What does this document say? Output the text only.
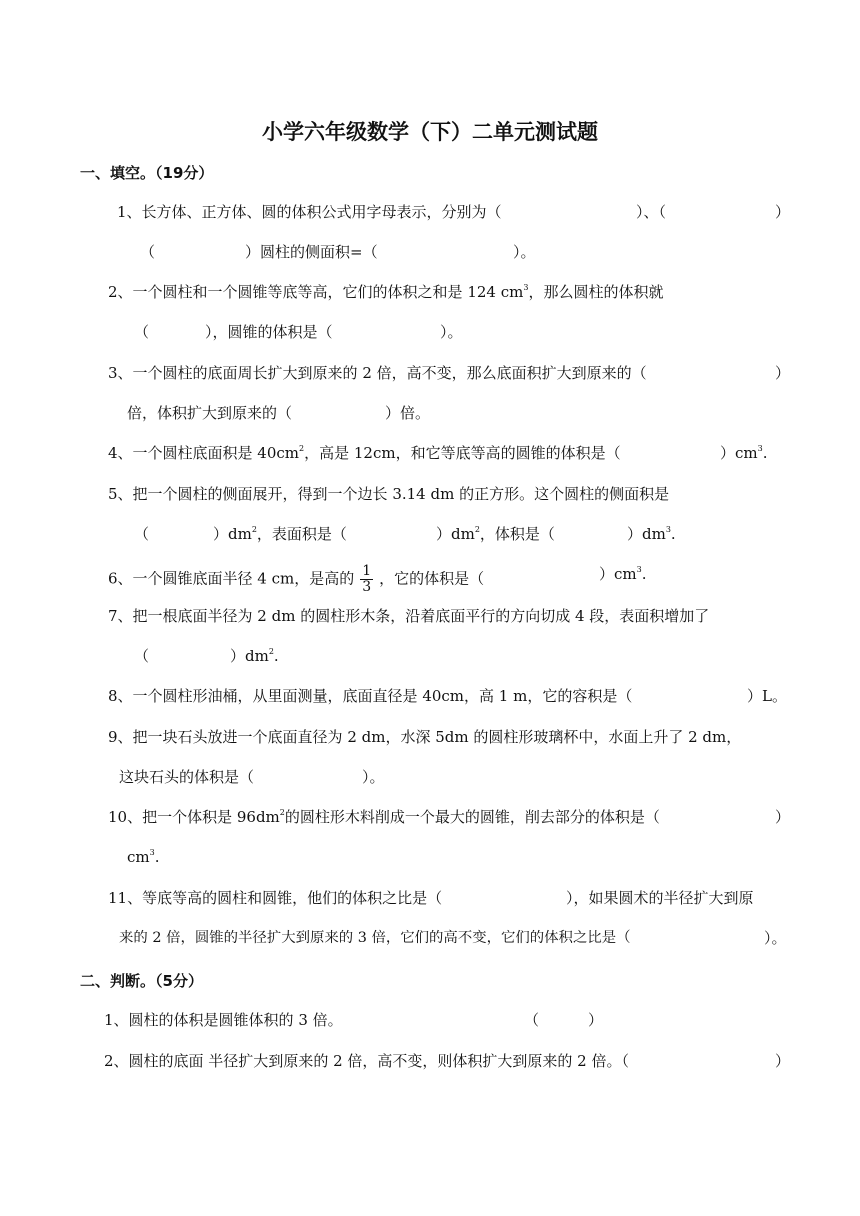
小学六年级数学（下）二单元测试题
一、填空。（19分）
1、长方体、正方体、圆的体积公式用字母表示，分别为（	）、（	）
（	）圆柱的侧面积=（	）。
2、一个圆柱和一个圆锥等底等高，它们的体积之和是 124 $cm^3$，那么圆柱的体积就
（	），圆锥的体积是（	）。
3、一个圆柱的底面周长扩大到原来的 2 倍，高不变，那么底面积扩大到原来的（	）
倍，体积扩大到原来的（	）倍。
4、一个圆柱底面积是 $40cm^2$，高是 12cm，和它等底等高的圆锥的体积是（	）$cm^3$.
5、把一个圆柱的侧面展开，得到一个边长 3.14 dm 的正方形。这个圆柱的侧面积是
（	）$dm^2$，表面积是（	）$dm^2$，体积是（	）$dm^3$.
6、一个圆锥底面半径 4 cm，是高的 $\frac{1}{3}$ ，它的体积是（	）$cm^3$.
7、把一根底面半径为 2 dm 的圆柱形木条，沿着底面平行的方向切成 4 段，表面积增加了
（	）$dm^2$.
8、一个圆柱形油桶，从里面测量，底面直径是 40cm，高 1 m，它的容积是（	）L。
9、把一块石头放进一个底面直径为 2 dm，水深 5dm 的圆柱形玻璃杯中，水面上升了 2 dm，
这块石头的体积是（	）。
10、把一个体积是 $96dm^2$的圆柱形木料削成一个最大的圆锥，削去部分的体积是（	）
$cm^3$.
11、等底等高的圆柱和圆锥，他们的体积之比是（	），如果圆术的半径扩大到原
来的 2 倍，圆锥的半径扩大到原来的 3 倍，它们的高不变，它们的体积之比是（	）。
二、判断。（5分）
1、圆柱的体积是圆锥体积的 3 倍。	（	）
2、圆柱的底面 半径扩大到原来的 2 倍，高不变，则体积扩大到原来的 2 倍。（	）
